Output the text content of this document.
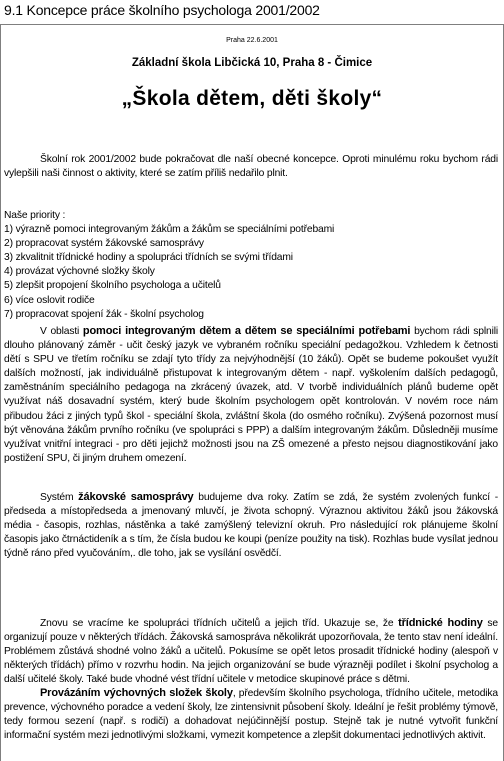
9.1 Koncepce práce školního psychologa 2001/2002
Praha 22.6.2001
Základní škola Libčická 10, Praha 8 - Čimice
„Škola dětem, děti školy“
Školní rok 2001/2002 bude pokračovat dle naší obecné koncepce. Oproti minulému roku bychom rádi vylepšili naši činnost o aktivity, které se zatím příliš nedařilo plnit.
Naše priority :
1) výrazně pomoci integrovaným žákům a žákům se speciálními potřebami
2) propracovat systém žákovské samosprávy
3) zkvalitnit třídnické hodiny a spolupráci třídních se svými třídami
4) provázat výchovné složky školy
5) zlepšit propojení školního psychologa a učitelů
6) více oslovit rodiče
7) propracovat spojení žák - školní psycholog
V oblasti pomoci integrovaným dětem a dětem se speciálními potřebami bychom rádi splnili dlouho plánovaný záměr - učit český jazyk ve vybraném ročníku speciální pedagožkou. Vzhledem k četnosti dětí s SPU ve třetím ročníku se zdají tyto třídy za nejvýhodnější (10 žáků). Opět se budeme pokoušet využít dalších možností, jak individuálně přistupovat k integrovaným dětem - např. vyškolením dalších pedagogů, zaměstnáním speciálního pedagoga na zkrácený úvazek, atd. V tvorbě individuálních plánů budeme opět využívat náš dosavadní systém, který bude školním psychologem opět kontrolován. V novém roce nám přibudou žáci z jiných typů škol - speciální škola, zvláštní škola (do osmého ročníku). Zvýšená pozornost musí být věnována žákům prvního ročníku (ve spolupráci s PPP) a dalším integrovaným žákům. Důsledněji musíme využívat vnitřní integraci - pro děti jejichž možnosti jsou na ZŠ omezené a přesto nejsou diagnostikování jako postižení SPU, či jiným druhem omezení.
Systém žákovské samosprávy budujeme dva roky. Zatím se zdá, že systém zvolených funkcí - předseda a místopředseda a jmenovaný mluvčí, je života schopný. Výraznou aktivitou žáků jsou žákovská média - časopis, rozhlas, nástěnka a také zamýšlený televizní okruh. Pro následující rok plánujeme školní časopis jako čtrnáctideník a s tím, že čísla budou ke koupi (peníze použity na tisk). Rozhlas bude vysílat jednou týdně ráno před vyučováním,. dle toho, jak se vysílání osvědčí.
Znovu se vracíme ke spolupráci třídních učitelů a jejich tříd. Ukazuje se, že třídnické hodiny se organizují pouze v některých třídách. Žákovská samospráva několikrát upozorňovala, že tento stav není ideální. Problémem zůstává shodné volno žáků a učitelů. Pokusíme se opět letos prosadit třídnické hodiny (alespoň v některých třídách) přímo v rozvrhu hodin. Na jejich organizování se bude výrazněji podílet i školní psycholog a další učitelé školy. Také bude vhodné vést třídní učitele v metodice skupinové práce s dětmi.
Provázáním výchovných složek školy, především školního psychologa, třídního učitele, metodika prevence, výchovného poradce a vedení školy, lze zintensivnit působení školy. Ideální je řešit problémy týmově, tedy formou sezení (např. s rodiči) a dohadovat nejúčinnější postup. Stejně tak je nutné vytvořit funkční informační systém mezi jednotlivými složkami, vymezit kompetence a zlepšit dokumentaci jednotlivých aktivit.
